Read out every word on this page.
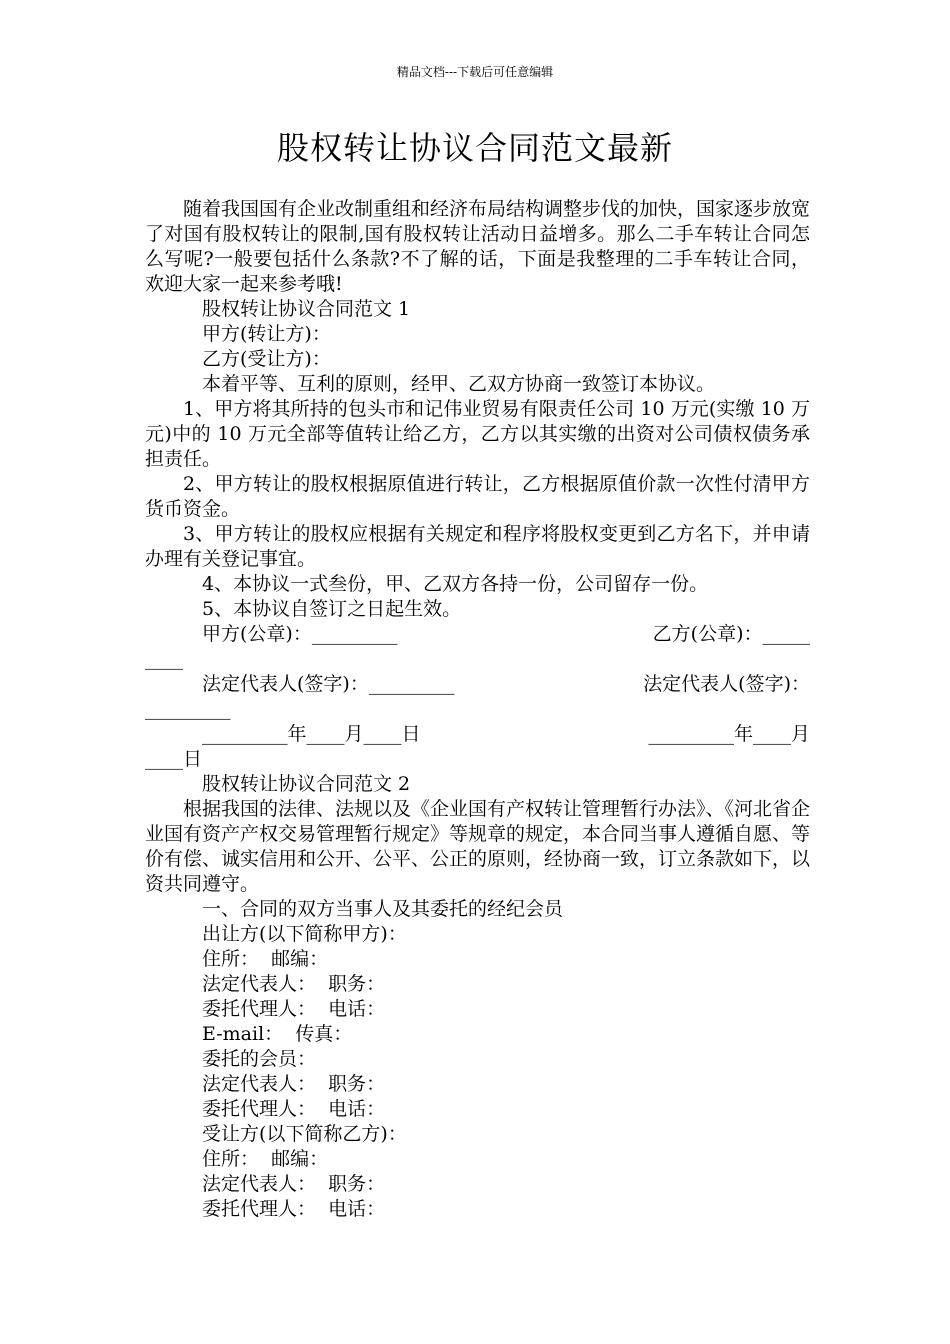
精品文档---下载后可任意编辑
股权转让协议合同范文最新

随着我国国有企业改制重组和经济布局结构调整步伐的加快，国家逐步放宽了对国有股权转让的限制,国有股权转让活动日益增多。那么二手车转让合同怎么写呢?一般要包括什么条款?不了解的话，下面是我整理的二手车转让合同，欢迎大家一起来参考哦!

股权转让协议合同范文 1

甲方(转让方)：

乙方(受让方)：

本着平等、互利的原则，经甲、乙双方协商一致签订本协议。

1、甲方将其所持的包头市和记伟业贸易有限责任公司 10 万元(实缴 10 万元)中的 10 万元全部等值转让给乙方，乙方以其实缴的出资对公司债权债务承担责任。

2、甲方转让的股权根据原值进行转让，乙方根据原值价款一次性付清甲方货币资金。

3、甲方转让的股权应根据有关规定和程序将股权变更到乙方名下，并申请办理有关登记事宜。

4、本协议一式叁份，甲、乙双方各持一份，公司留存一份。

5、本协议自签订之日起生效。

甲方(公章)：_________	乙方(公章)：_____

____

法定代表人(签字)：_________	法定代表人(签字)：

_________

_________年____月____日	_________年____月

____日

股权转让协议合同范文 2

根据我国的法律、法规以及《企业国有产权转让管理暂行办法》、《河北省企业国有资产产权交易管理暂行规定》等规章的规定，本合同当事人遵循自愿、等价有偿、诚实信用和公开、公平、公正的原则，经协商一致，订立条款如下，以资共同遵守。

一、合同的双方当事人及其委托的经纪会员

出让方(以下简称甲方)：

住所：  邮编：

法定代表人：  职务：

委托代理人：  电话：

E-mail：  传真：

委托的会员：

法定代表人：  职务：

委托代理人：  电话：

受让方(以下简称乙方)：

住所：  邮编：

法定代表人：  职务：

委托代理人：  电话：
